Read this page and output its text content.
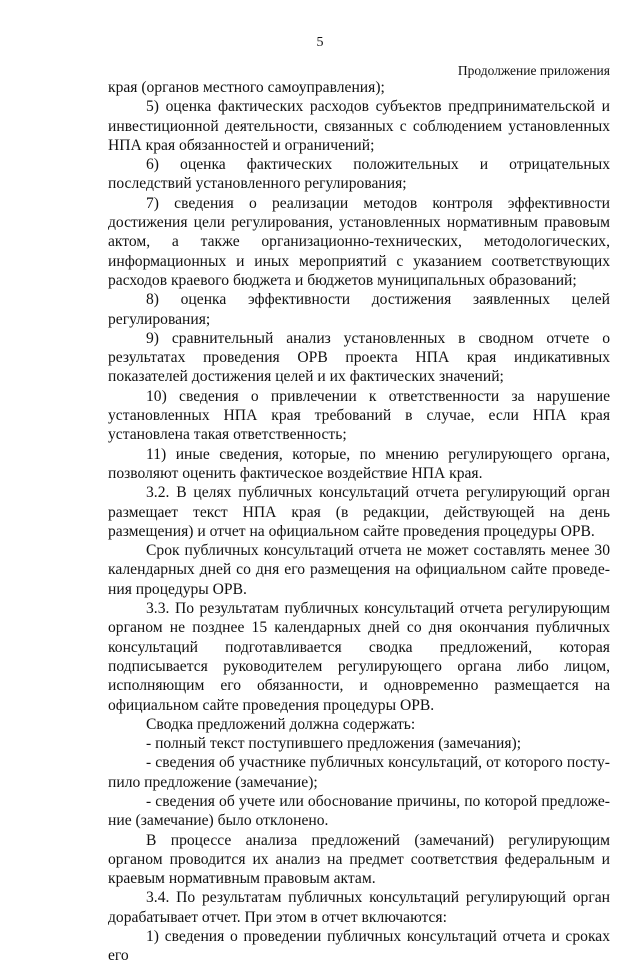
5
Продолжение приложения

края (органов местного самоуправления);

5) оценка фактических расходов субъектов предпринимательской и инвестиционной деятельности, связанных с соблюдением установленных НПА края обязанностей и ограничений;

6) оценка фактических положительных и отрицательных последствий установленного регулирования;

7) сведения о реализации методов контроля эффективности достижения цели регулирования, установленных нормативным правовым актом, а также организационно-технических, методологических, информационных и иных мероприятий с указанием соответствующих расходов краевого бюджета и бюджетов муниципальных образований;

8) оценка эффективности достижения заявленных целей регулирования;

9) сравнительный анализ установленных в сводном отчете о результатах проведения ОРВ проекта НПА края индикативных показателей достижения целей и их фактических значений;

10) сведения о привлечении к ответственности за нарушение установленных НПА края требований в случае, если НПА края установлена такая ответственность;

11) иные сведения, которые, по мнению регулирующего органа, позволяют оценить фактическое воздействие НПА края.

3.2. В целях публичных консультаций отчета регулирующий орган размещает текст НПА края (в редакции, действующей на день размещения) и отчет на официальном сайте проведения процедуры ОРВ.

Срок публичных консультаций отчета не может составлять менее 30 календарных дней со дня его размещения на официальном сайте проведения процедуры ОРВ.

3.3. По результатам публичных консультаций отчета регулирующим органом не позднее 15 календарных дней со дня окончания публичных консультаций подготавливается сводка предложений, которая подписывается руководителем регулирующего органа либо лицом, исполняющим его обязанности, и одновременно размещается на официальном сайте проведения процедуры ОРВ.

Сводка предложений должна содержать:

- полный текст поступившего предложения (замечания);

- сведения об участнике публичных консультаций, от которого поступило предложение (замечание);

- сведения об учете или обоснование причины, по которой предложение (замечание) было отклонено.

В процессе анализа предложений (замечаний) регулирующим органом проводится их анализ на предмет соответствия федеральным и краевым нормативным правовым актам.

3.4. По результатам публичных консультаций регулирующий орган дорабатывает отчет. При этом в отчет включаются:

1) сведения о проведении публичных консультаций отчета и сроках его
